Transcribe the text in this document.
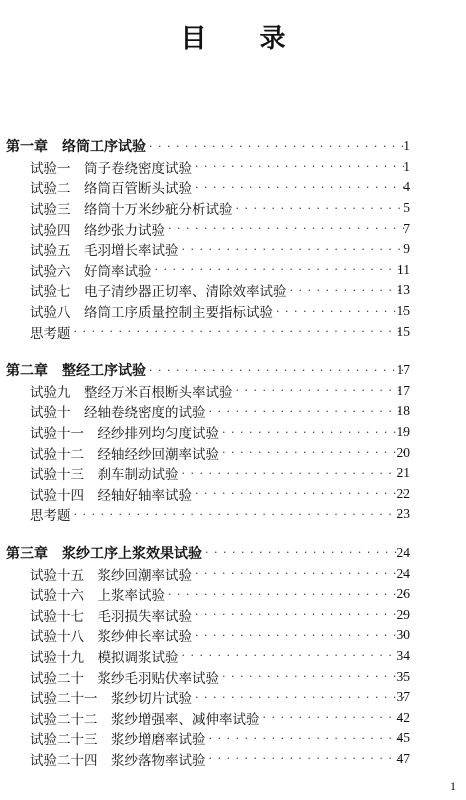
目 录
第一章　络筒工序试验 · · ·	1
试验一　筒子卷绕密度试验 · · ·	1
试验二　络筒百管断头试验 · · ·	4
试验三　络筒十万米纱疵分析试验 · · ·	5
试验四　络纱张力试验 · · ·	7
试验五　毛羽增长率试验 · · ·	9
试验六　好筒率试验 · · ·	11
试验七　电子清纱器正切率、清除效率试验 · · ·	13
试验八　络筒工序质量控制主要指标试验 · · ·	15
思考题 · · ·	15
第二章　整经工序试验 · · ·	17
试验九　整经万米百根断头率试验 · · ·	17
试验十　经轴卷绕密度的试验 · · ·	18
试验十一　经纱排列均匀度试验 · · ·	19
试验十二　经轴经纱回潮率试验 · · ·	20
试验十三　刹车制动试验 · · ·	21
试验十四　经轴好轴率试验 · · ·	22
思考题 · · ·	23
第三章　浆纱工序上浆效果试验 · · ·	24
试验十五　浆纱回潮率试验 · · ·	24
试验十六　上浆率试验 · · ·	26
试验十七　毛羽损失率试验 · · ·	29
试验十八　浆纱伸长率试验 · · ·	30
试验十九　模拟调浆试验 · · ·	34
试验二十　浆纱毛羽贴伏率试验 · · ·	35
试验二十一　浆纱切片试验 · · ·	37
试验二十二　浆纱增强率、减伸率试验 · · ·	42
试验二十三　浆纱增磨率试验 · · ·	45
试验二十四　浆纱落物率试验 · · ·	47
1
